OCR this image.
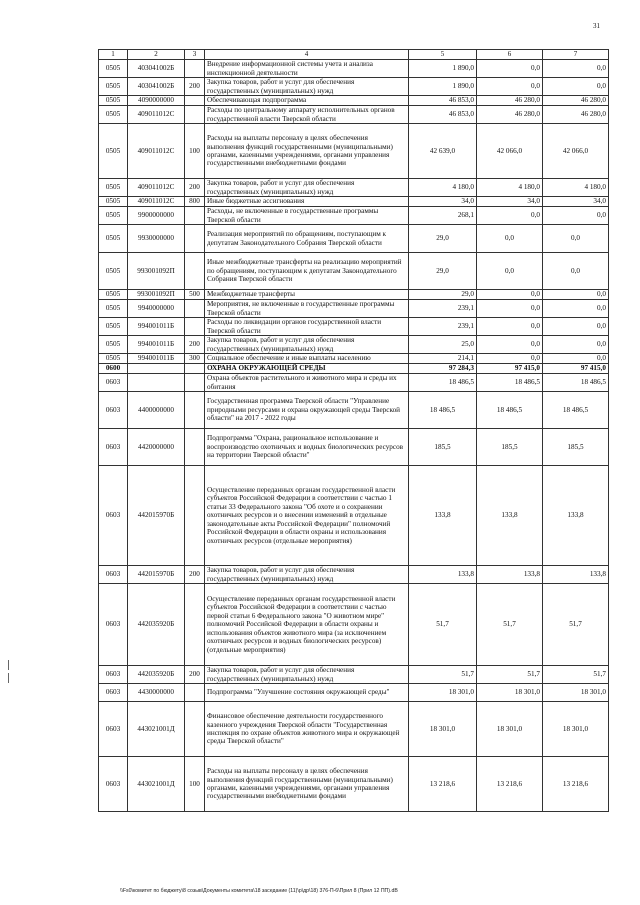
31
1	2	3	4	5	6	7
0505	403041002Б		Внедрение информационной системы учета и анализа инспекционной деятельности	1 890,0	0,0	0,0
0505	403041002Б	200	Закупка товаров, работ и услуг для обеспечения государственных (муниципальных) нужд	1 890,0	0,0	0,0
0505	4090000000		Обеспечивающая подпрограмма	46 853,0	46 280,0	46 280,0
0505	409011012С		Расходы по центральному аппарату исполнительных органов государственной власти Тверской области	46 853,0	46 280,0	46 280,0
0505	409011012С	100	Расходы на выплаты персоналу в целях обеспечения выполнения функций государственными (муниципальными) органами, казенными учреждениями, органами управления государственными внебюджетными фондами	42 639,0	42 066,0	42 066,0
0505	409011012С	200	Закупка товаров, работ и услуг для обеспечения государственных (муниципальных) нужд	4 180,0	4 180,0	4 180,0
0505	409011012С	800	Иные бюджетные ассигнования	34,0	34,0	34,0
0505	9900000000		Расходы, не включенные в государственные программы Тверской области	268,1	0,0	0,0
0505	9930000000		Реализация мероприятий по обращениям, поступающим к депутатам Законодательного Собрания Тверской области	29,0	0,0	0,0
0505	993001092П		Иные межбюджетные трансферты на реализацию мероприятий по обращениям, поступающим к депутатам Законодательного Собрания Тверской области	29,0	0,0	0,0
0505	993001092П	500	Межбюджетные трансферты	29,0	0,0	0,0
0505	9940000000		Мероприятия, не включенные в государственные программы Тверской области	239,1	0,0	0,0
0505	994001011Б		Расходы по ликвидации органов государственной власти Тверской области	239,1	0,0	0,0
0505	994001011Б	200	Закупка товаров, работ и услуг для обеспечения государственных (муниципальных) нужд	25,0	0,0	0,0
0505	994001011Б	300	Социальное обеспечение и иные выплаты населению	214,1	0,0	0,0
0600			ОХРАНА ОКРУЖАЮЩЕЙ СРЕДЫ	97 284,3	97 415,0	97 415,0
0603			Охрана объектов растительного и животного мира и среды их обитания	18 486,5	18 486,5	18 486,5
0603	4400000000		Государственная программа Тверской области "Управление природными ресурсами и охрана окружающей среды Тверской области" на 2017 - 2022 годы	18 486,5	18 486,5	18 486,5
0603	4420000000		Подпрограмма "Охрана, рациональное использование и воспроизводство охотничьих и водных биологических ресурсов на территории Тверской области"	185,5	185,5	185,5
0603	442015970Б		Осуществление переданных органам государственной власти субъектов Российской Федерации в соответствии с частью 1 статьи 33 Федерального закона "Об охоте и о сохранении охотничьих ресурсов и о внесении изменений в отдельные законодательные акты Российской Федерации" полномочий Российской Федерации в области охраны и использования охотничьих ресурсов (отдельные мероприятия)	133,8	133,8	133,8
0603	442015970Б	200	Закупка товаров, работ и услуг для обеспечения государственных (муниципальных) нужд	133,8	133,8	133,8
0603	442035920Б		Осуществление переданных органам государственной власти субъектов Российской Федерации в соответствии с частью первой статьи 6 Федерального закона "О животном мире" полномочий Российской Федерации в области охраны и использования объектов животного мира (за исключением охотничьих ресурсов и водных биологических ресурсов) (отдельные мероприятия)	51,7	51,7	51,7
0603	442035920Б	200	Закупка товаров, работ и услуг для обеспечения государственных (муниципальных) нужд	51,7	51,7	51,7
0603	4430000000		Подпрограмма "Улучшение состояния окружающей среды"	18 301,0	18 301,0	18 301,0
0603	443021001Д		Финансовое обеспечение деятельности государственного казенного учреждения Тверской области "Государственная инспекция по охране объектов животного мира и окружающей среды Тверской области"	18 301,0	18 301,0	18 301,0
0603	443021001Д	100	Расходы на выплаты персоналу в целях обеспечения выполнения функций государственными (муниципальными) органами, казенными учреждениями, органами управления государственными внебюджетными фондами	13 218,6	13 218,6	13 218,6
\\Fs0\комитет по бюджету\8 созыв\Документы комитета\18 заседание (11)\р\др\18) 376-П-6\Прил 8 (Прил 12 ПП).dB
